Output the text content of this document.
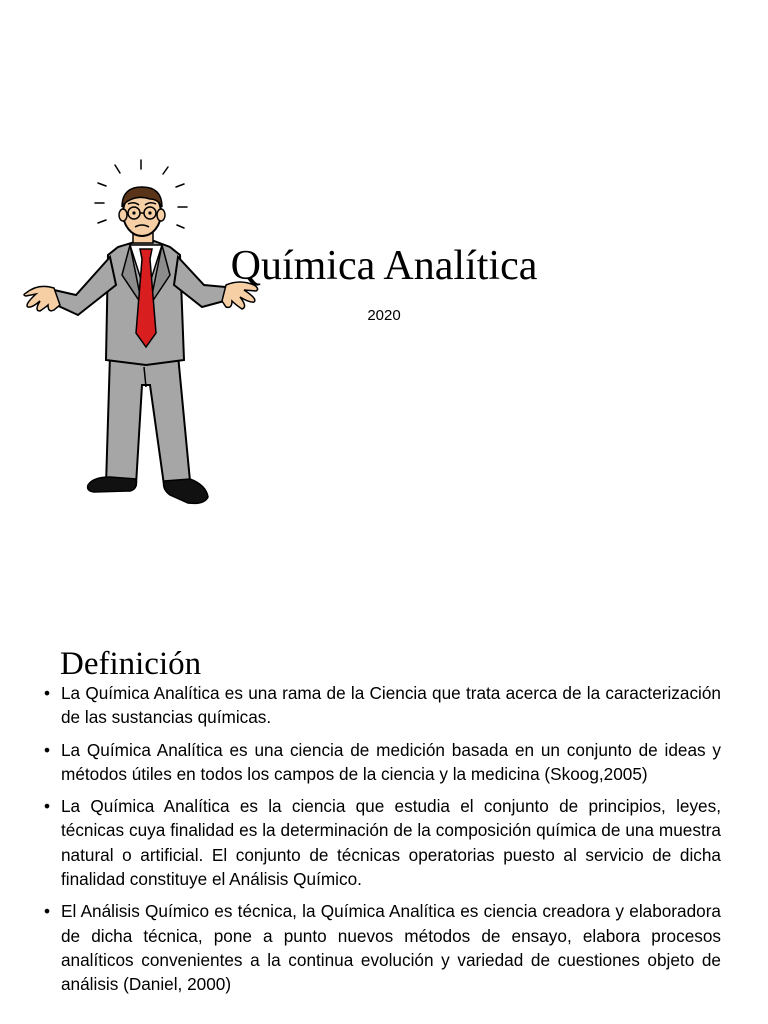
Química Analítica
2020
Definición
• La Química Analítica es una rama de la Ciencia que trata acerca de la caracterización de las sustancias químicas.
• La Química Analítica es una ciencia de medición basada en un conjunto de ideas y métodos útiles en todos los campos de la ciencia y la medicina (Skoog,2005)
• La Química Analítica es la ciencia que estudia el conjunto de principios, leyes, técnicas cuya finalidad es la determinación de la composición química de una muestra natural o artificial. El conjunto de técnicas operatorias puesto al servicio de dicha finalidad constituye el Análisis Químico.
• El Análisis Químico es técnica, la Química Analítica es ciencia creadora y elaboradora de dicha técnica, pone a punto nuevos métodos de ensayo, elabora procesos analíticos convenientes a la continua evolución y variedad de cuestiones objeto de análisis (Daniel, 2000)
